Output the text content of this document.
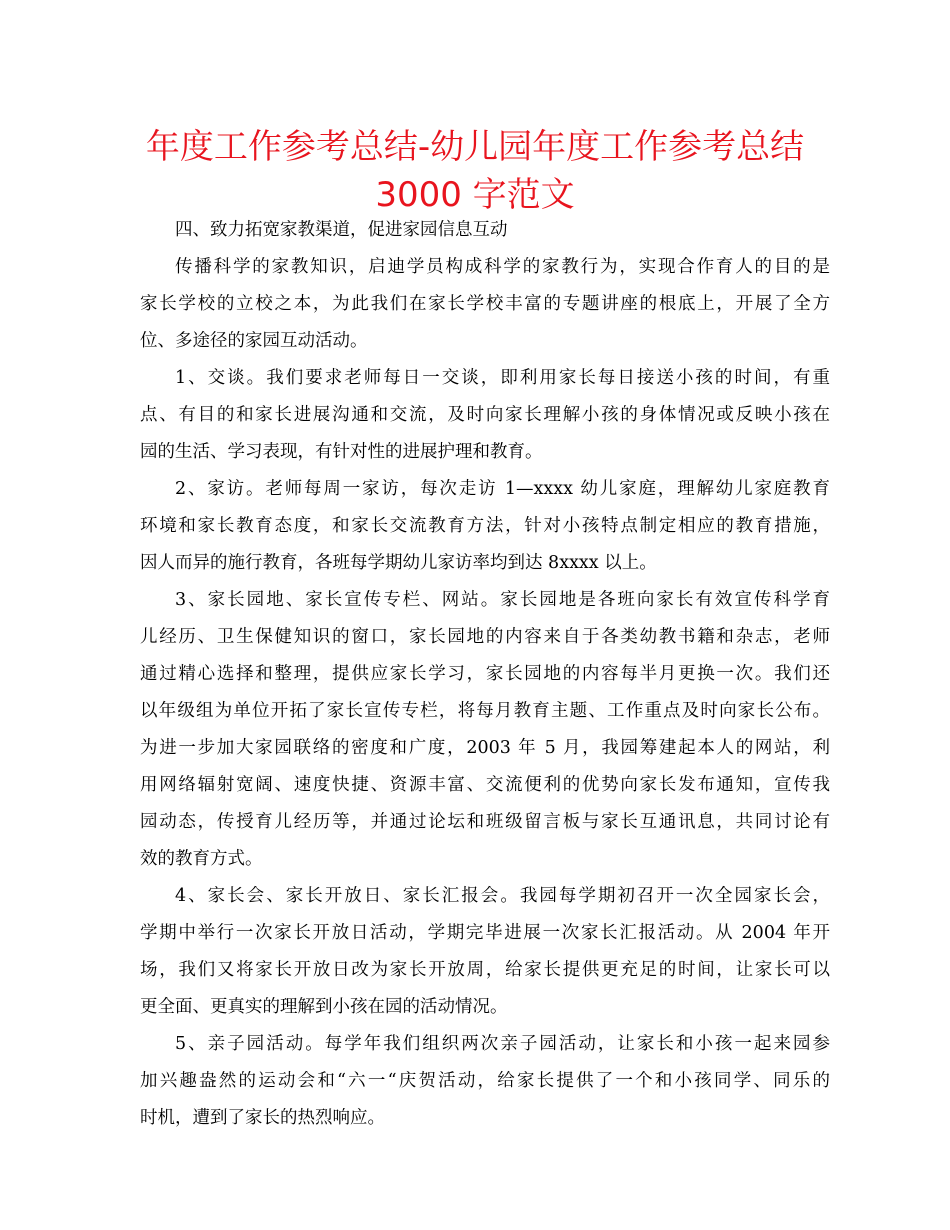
年度工作参考总结-幼儿园年度工作参考总结
3000 字范文
四、致力拓宽家教渠道，促进家园信息互动
传播科学的家教知识，启迪学员构成科学的家教行为，实现合作育人的目的是
家长学校的立校之本，为此我们在家长学校丰富的专题讲座的根底上，开展了全方
位、多途径的家园互动活动。
1、交谈。我们要求老师每日一交谈，即利用家长每日接送小孩的时间，有重
点、有目的和家长进展沟通和交流，及时向家长理解小孩的身体情况或反映小孩在
园的生活、学习表现，有针对性的进展护理和教育。
2、家访。老师每周一家访，每次走访 1—xxxx 幼儿家庭，理解幼儿家庭教育
环境和家长教育态度，和家长交流教育方法，针对小孩特点制定相应的教育措施，
因人而异的施行教育，各班每学期幼儿家访率均到达 8xxxx 以上。
3、家长园地、家长宣传专栏、网站。家长园地是各班向家长有效宣传科学育
儿经历、卫生保健知识的窗口，家长园地的内容来自于各类幼教书籍和杂志，老师
通过精心选择和整理，提供应家长学习，家长园地的内容每半月更换一次。我们还
以年级组为单位开拓了家长宣传专栏，将每月教育主题、工作重点及时向家长公布。
为进一步加大家园联络的密度和广度，2003 年 5 月，我园筹建起本人的网站，利
用网络辐射宽阔、速度快捷、资源丰富、交流便利的优势向家长发布通知，宣传我
园动态，传授育儿经历等，并通过论坛和班级留言板与家长互通讯息，共同讨论有
效的教育方式。
4、家长会、家长开放日、家长汇报会。我园每学期初召开一次全园家长会，
学期中举行一次家长开放日活动，学期完毕进展一次家长汇报活动。从 2004 年开
场，我们又将家长开放日改为家长开放周，给家长提供更充足的时间，让家长可以
更全面、更真实的理解到小孩在园的活动情况。
5、亲子园活动。每学年我们组织两次亲子园活动，让家长和小孩一起来园参
加兴趣盎然的运动会和“六一“庆贺活动，给家长提供了一个和小孩同学、同乐的
时机，遭到了家长的热烈响应。
